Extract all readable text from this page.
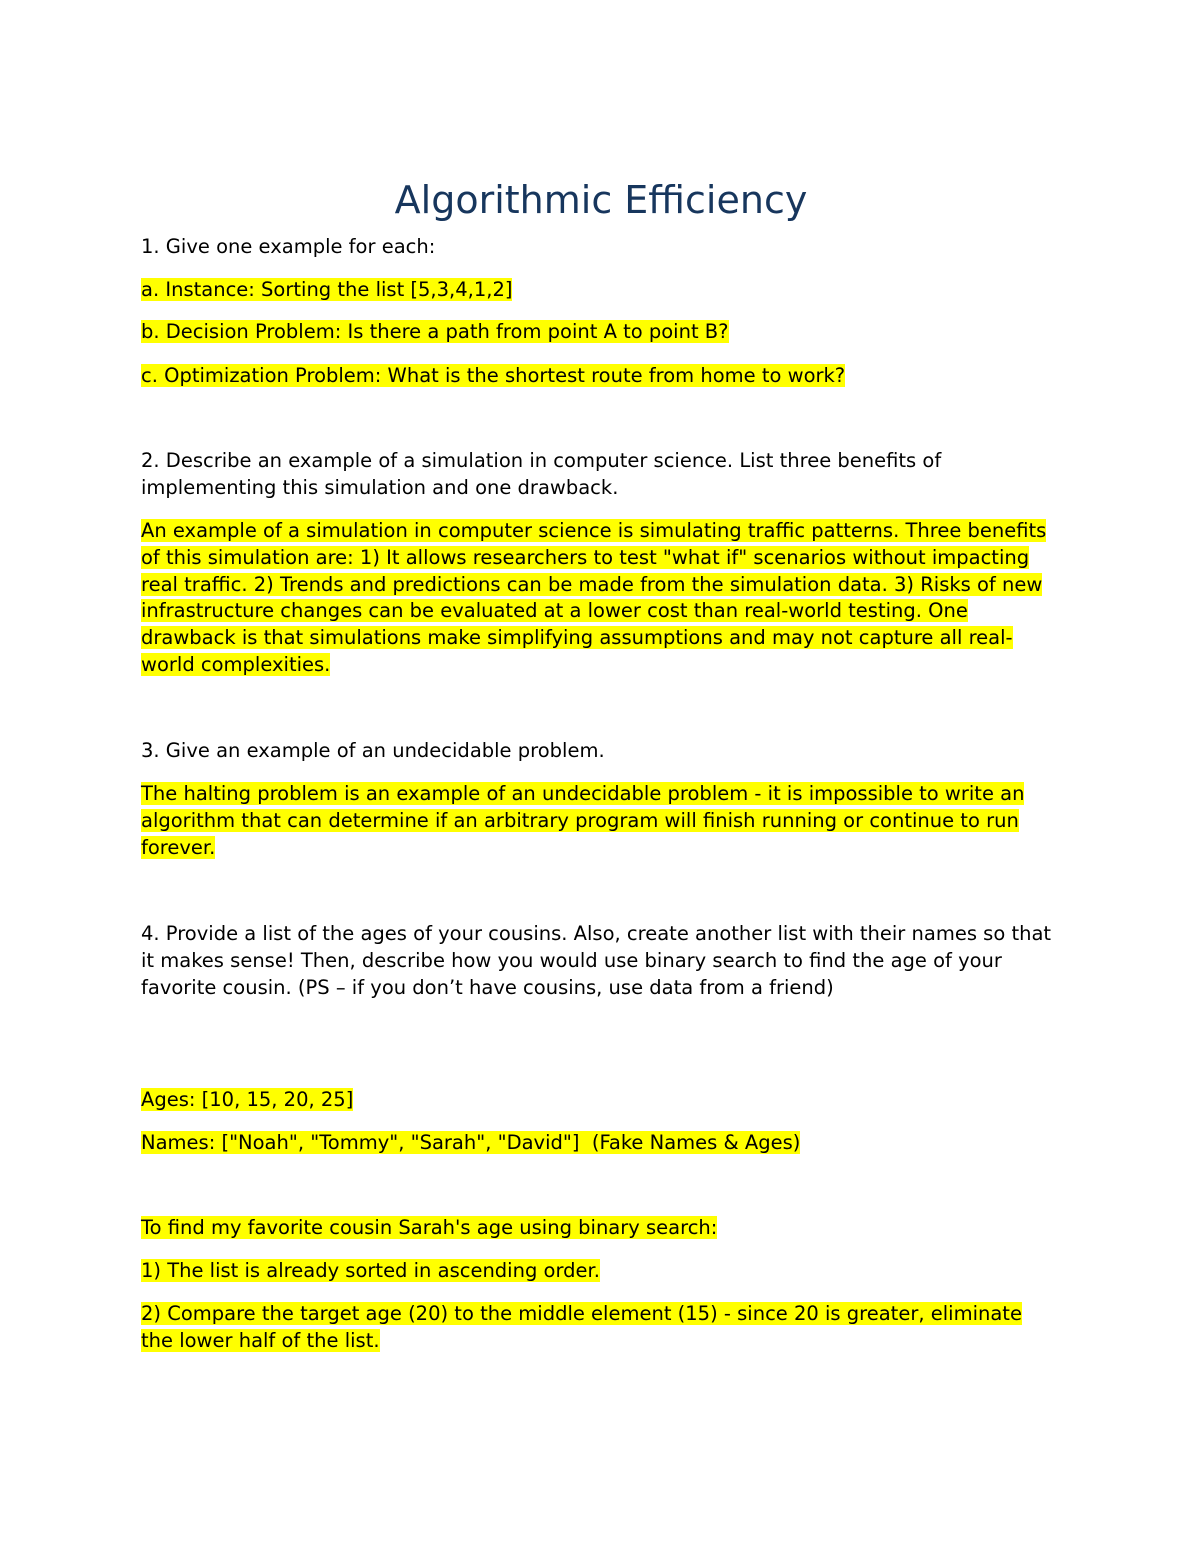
Algorithmic Efficiency

1. Give one example for each:

a. Instance: Sorting the list [5,3,4,1,2]

b. Decision Problem: Is there a path from point A to point B?

c. Optimization Problem: What is the shortest route from home to work?

2. Describe an example of a simulation in computer science. List three benefits of implementing this simulation and one drawback.

An example of a simulation in computer science is simulating traffic patterns. Three benefits of this simulation are: 1) It allows researchers to test "what if" scenarios without impacting real traffic. 2) Trends and predictions can be made from the simulation data. 3) Risks of new infrastructure changes can be evaluated at a lower cost than real-world testing. One drawback is that simulations make simplifying assumptions and may not capture all real-world complexities.

3. Give an example of an undecidable problem.

The halting problem is an example of an undecidable problem - it is impossible to write an algorithm that can determine if an arbitrary program will finish running or continue to run forever.

4. Provide a list of the ages of your cousins. Also, create another list with their names so that it makes sense! Then, describe how you would use binary search to find the age of your favorite cousin. (PS – if you don’t have cousins, use data from a friend)

Ages: [10, 15, 20, 25]

Names: ["Noah", "Tommy", "Sarah", "David"]  (Fake Names & Ages)

To find my favorite cousin Sarah's age using binary search:

1) The list is already sorted in ascending order.

2) Compare the target age (20) to the middle element (15) - since 20 is greater, eliminate the lower half of the list.
